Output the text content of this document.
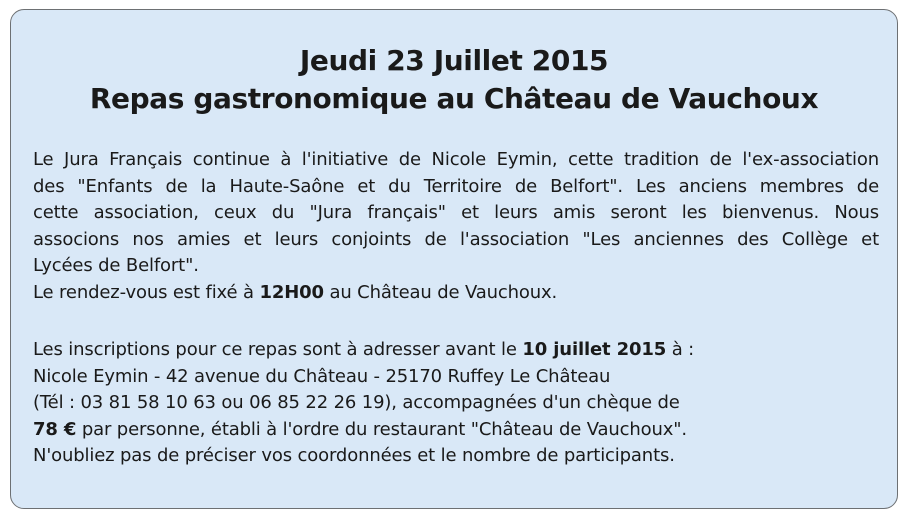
Jeudi 23 Juillet 2015
Repas gastronomique au Château de Vauchoux
Le Jura Français continue à l'initiative de Nicole Eymin, cette tradition de l'ex-association
des "Enfants de la Haute-Saône et du Territoire de Belfort". Les anciens membres de
cette association, ceux du "Jura français" et leurs amis seront les bienvenus. Nous
associons nos amies et leurs conjoints de l'association "Les anciennes des Collège et
Lycées de Belfort".
Le rendez-vous est fixé à 12H00 au Château de Vauchoux.
Les inscriptions pour ce repas sont à adresser avant le 10 juillet 2015 à :
Nicole Eymin - 42 avenue du Château - 25170 Ruffey Le Château
(Tél : 03 81 58 10 63 ou 06 85 22 26 19), accompagnées d'un chèque de
78 € par personne, établi à l'ordre du restaurant "Château de Vauchoux".
N'oubliez pas de préciser vos coordonnées et le nombre de participants.
